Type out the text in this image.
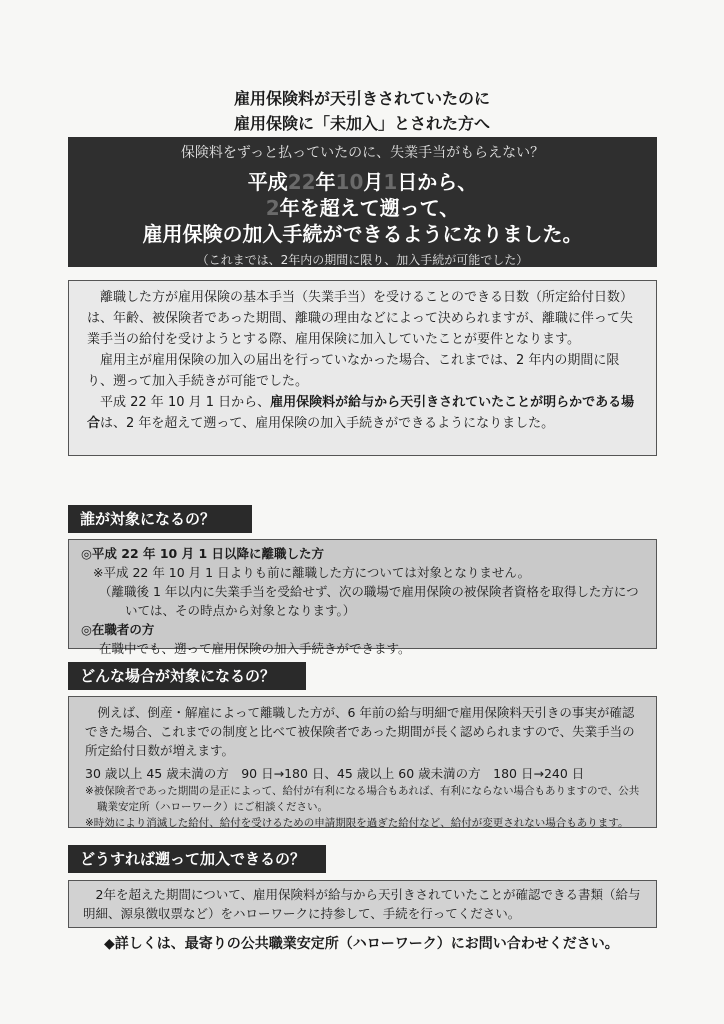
雇用保険料が天引きされていたのに
雇用保険に「未加入」とされた方へ
保険料をずっと払っていたのに、失業手当がもらえない？
平成22年10月1日から、
2年を超えて遡って、
雇用保険の加入手続ができるようになりました。
（これまでは、2年内の期間に限り、加入手続が可能でした）

離職した方が雇用保険の基本手当（失業手当）を受けることのできる日数（所定給付日数）は、年齢、被保険者であった期間、離職の理由などによって決められますが、離職に伴って失業手当の給付を受けようとする際、雇用保険に加入していたことが要件となります。

雇用主が雇用保険の加入の届出を行っていなかった場合、これまでは、2 年内の期間に限り、遡って加入手続きが可能でした。

平成 22 年 10 月 1 日から、雇用保険料が給与から天引きされていたことが明らかである場合は、2 年を超えて遡って、雇用保険の加入手続きができるようになりました。

誰が対象になるの？
◎平成 22 年 10 月 1 日以降に離職した方
※平成 22 年 10 月 1 日よりも前に離職した方については対象となりません。
（離職後 1 年以内に失業手当を受給せず、次の職場で雇用保険の被保険者資格を取得した方につ
いては、その時点から対象となります。）
◎在職者の方
在職中でも、遡って雇用保険の加入手続きができます。
どんな場合が対象になるの？

例えば、倒産・解雇によって離職した方が、6 年前の給与明細で雇用保険料天引きの事実が確認できた場合、これまでの制度と比べて被保険者であった期間が長く認められますので、失業手当の所定給付日数が増えます。

30 歳以上 45 歳未満の方　90 日→180 日、45 歳以上 60 歳未満の方　180 日→240 日
※被保険者であった期間の是正によって、給付が有利になる場合もあれば、有利にならない場合もありますので、公共
職業安定所（ハローワーク）にご相談ください。
※時効により消滅した給付、給付を受けるための申請期限を過ぎた給付など、給付が変更されない場合もあります。
どうすれば遡って加入できるの？

2年を超えた期間について、雇用保険料が給与から天引きされていたことが確認できる書類（給与明細、源泉徴収票など）をハローワークに持参して、手続を行ってください。

◆詳しくは、最寄りの公共職業安定所（ハローワーク）にお問い合わせください。
